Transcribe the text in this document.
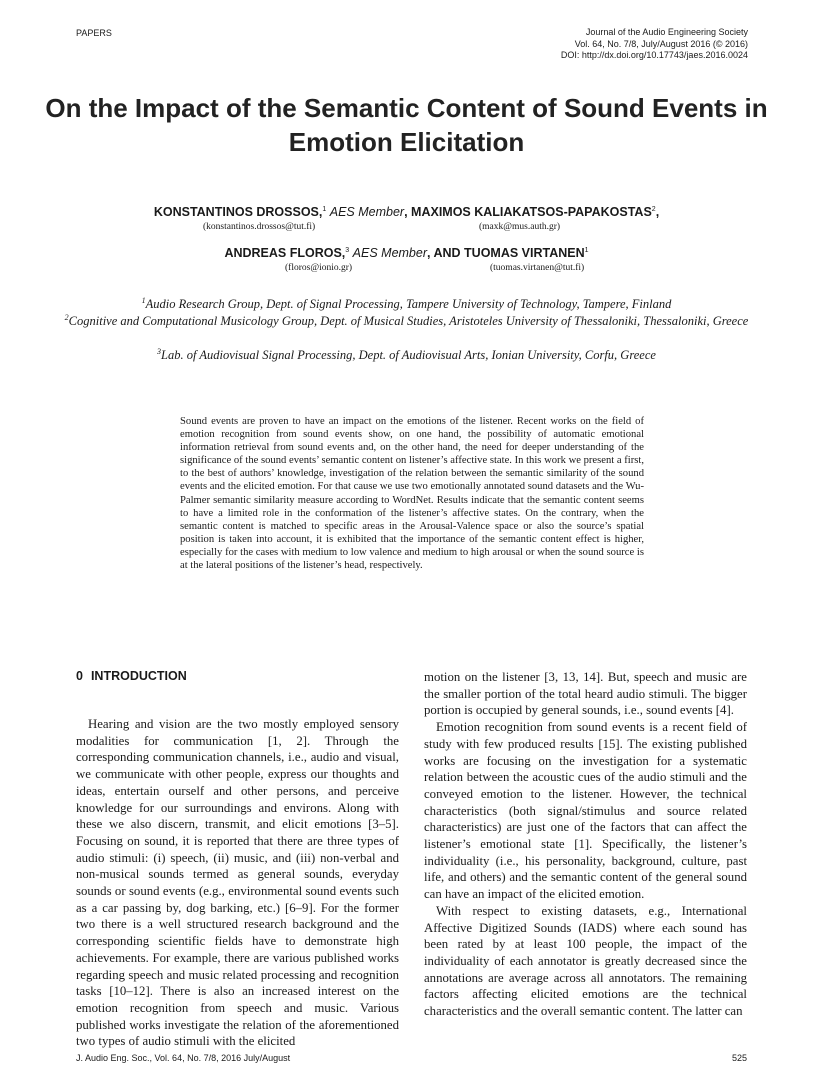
PAPERS	Journal of the Audio Engineering Society
Vol. 64, No. 7/8, July/August 2016 (© 2016)
DOI: http://dx.doi.org/10.17743/jaes.2016.0024
On the Impact of the Semantic Content of Sound Events in Emotion Elicitation
KONSTANTINOS DROSSOS,$^1$ AES Member, MAXIMOS KALIAKATSOS-PAPAKOSTAS$^2$,
(konstantinos.drossos@tut.fi)	(maxk@mus.auth.gr)
ANDREAS FLOROS,$^3$ AES Member, AND TUOMAS VIRTANEN$^1$
(floros@ionio.gr)	(tuomas.virtanen@tut.fi)
$^1$Audio Research Group, Dept. of Signal Processing, Tampere University of Technology, Tampere, Finland
$^2$Cognitive and Computational Musicology Group, Dept. of Musical Studies, Aristoteles University of Thessaloniki, Thessaloniki, Greece
$^3$Lab. of Audiovisual Signal Processing, Dept. of Audiovisual Arts, Ionian University, Corfu, Greece

Sound events are proven to have an impact on the emotions of the listener. Recent works on the field of emotion recognition from sound events show, on one hand, the possibility of automatic emotional information retrieval from sound events and, on the other hand, the need for deeper understanding of the significance of the sound events’ semantic content on listener’s affective state. In this work we present a first, to the best of authors’ knowledge, investigation of the relation between the semantic similarity of the sound events and the elicited emotion. For that cause we use two emotionally annotated sound datasets and the Wu-Palmer semantic similarity measure according to WordNet. Results indicate that the semantic content seems to have a limited role in the conformation of the listener’s affective states. On the contrary, when the semantic content is matched to specific areas in the Arousal-Valence space or also the source’s spatial position is taken into account, it is exhibited that the importance of the semantic content effect is higher, especially for the cases with medium to low valence and medium to high arousal or when the sound source is at the lateral positions of the listener’s head, respectively.

0 INTRODUCTION

Hearing and vision are the two mostly employed sensory modalities for communication [1, 2]. Through the corresponding communication channels, i.e., audio and visual, we communicate with other people, express our thoughts and ideas, entertain ourself and other persons, and perceive knowledge for our surroundings and environs. Along with these we also discern, transmit, and elicit emotions [3–5]. Focusing on sound, it is reported that there are three types of audio stimuli: (i) speech, (ii) music, and (iii) non-verbal and non-musical sounds termed as general sounds, everyday sounds or sound events (e.g., environmental sound events such as a car passing by, dog barking, etc.) [6–9]. For the former two there is a well structured research background and the corresponding scientific fields have to demonstrate high achievements. For example, there are various published works regarding speech and music related processing and recognition tasks [10–12]. There is also an increased interest on the emotion recognition from speech and music. Various published works investigate the relation of the aforementioned two types of audio stimuli with the elicited

motion on the listener [3, 13, 14]. But, speech and music are the smaller portion of the total heard audio stimuli. The bigger portion is occupied by general sounds, i.e., sound events [4].

Emotion recognition from sound events is a recent field of study with few produced results [15]. The existing published works are focusing on the investigation for a systematic relation between the acoustic cues of the audio stimuli and the conveyed emotion to the listener. However, the technical characteristics (both signal/stimulus and source related characteristics) are just one of the factors that can affect the listener’s emotional state [1]. Specifically, the listener’s individuality (i.e., his personality, background, culture, past life, and others) and the semantic content of the general sound can have an impact of the elicited emotion.

With respect to existing datasets, e.g., International Affective Digitized Sounds (IADS) where each sound has been rated by at least 100 people, the impact of the individuality of each annotator is greatly decreased since the annotations are average across all annotators. The remaining factors affecting elicited emotions are the technical characteristics and the overall semantic content. The latter can

J. Audio Eng. Soc., Vol. 64, No. 7/8, 2016 July/August	525
